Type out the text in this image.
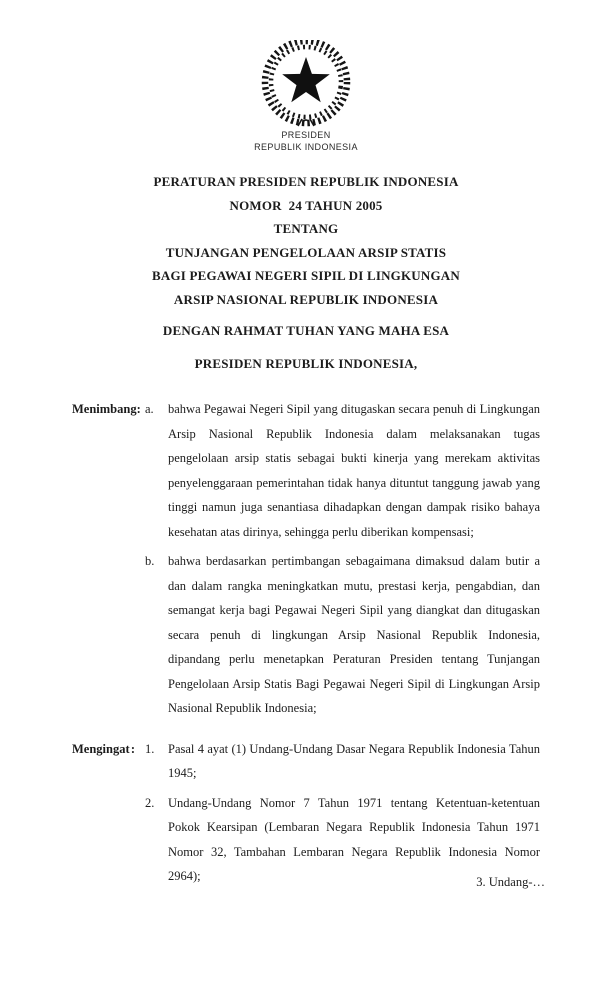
PRESIDEN
REPUBLIK INDONESIA
PERATURAN PRESIDEN REPUBLIK INDONESIA
NOMOR  24 TAHUN 2005
TENTANG
TUNJANGAN PENGELOLAAN ARSIP STATIS
BAGI PEGAWAI NEGERI SIPIL DI LINGKUNGAN
ARSIP NASIONAL REPUBLIK INDONESIA
DENGAN RAHMAT TUHAN YANG MAHA ESA
PRESIDEN REPUBLIK INDONESIA,
Menimbang : a.	bahwa Pegawai Negeri Sipil yang ditugaskan secara penuh di Lingkungan Arsip Nasional Republik Indonesia dalam melaksanakan tugas pengelolaan arsip statis sebagai bukti kinerja yang merekam aktivitas penyelenggaraan pemerintahan tidak hanya dituntut tanggung jawab yang tinggi namun juga senantiasa dihadapkan dengan dampak risiko bahaya kesehatan atas dirinya, sehingga perlu diberikan kompensasi;
b.	bahwa berdasarkan pertimbangan sebagaimana dimaksud dalam butir a dan dalam rangka meningkatkan mutu, prestasi kerja, pengabdian, dan semangat kerja bagi Pegawai Negeri Sipil yang diangkat dan ditugaskan secara penuh di lingkungan Arsip Nasional Republik Indonesia, dipandang perlu menetapkan Peraturan Presiden tentang Tunjangan Pengelolaan Arsip Statis Bagi Pegawai Negeri Sipil di Lingkungan Arsip Nasional Republik Indonesia;
Mengingat : 1.	Pasal 4 ayat (1) Undang-Undang Dasar Negara Republik Indonesia Tahun 1945;
2.	Undang-Undang Nomor 7 Tahun 1971 tentang Ketentuan-ketentuan Pokok Kearsipan (Lembaran Negara Republik Indonesia Tahun 1971 Nomor 32, Tambahan Lembaran Negara Republik Indonesia Nomor 2964);	3. Undang-…
